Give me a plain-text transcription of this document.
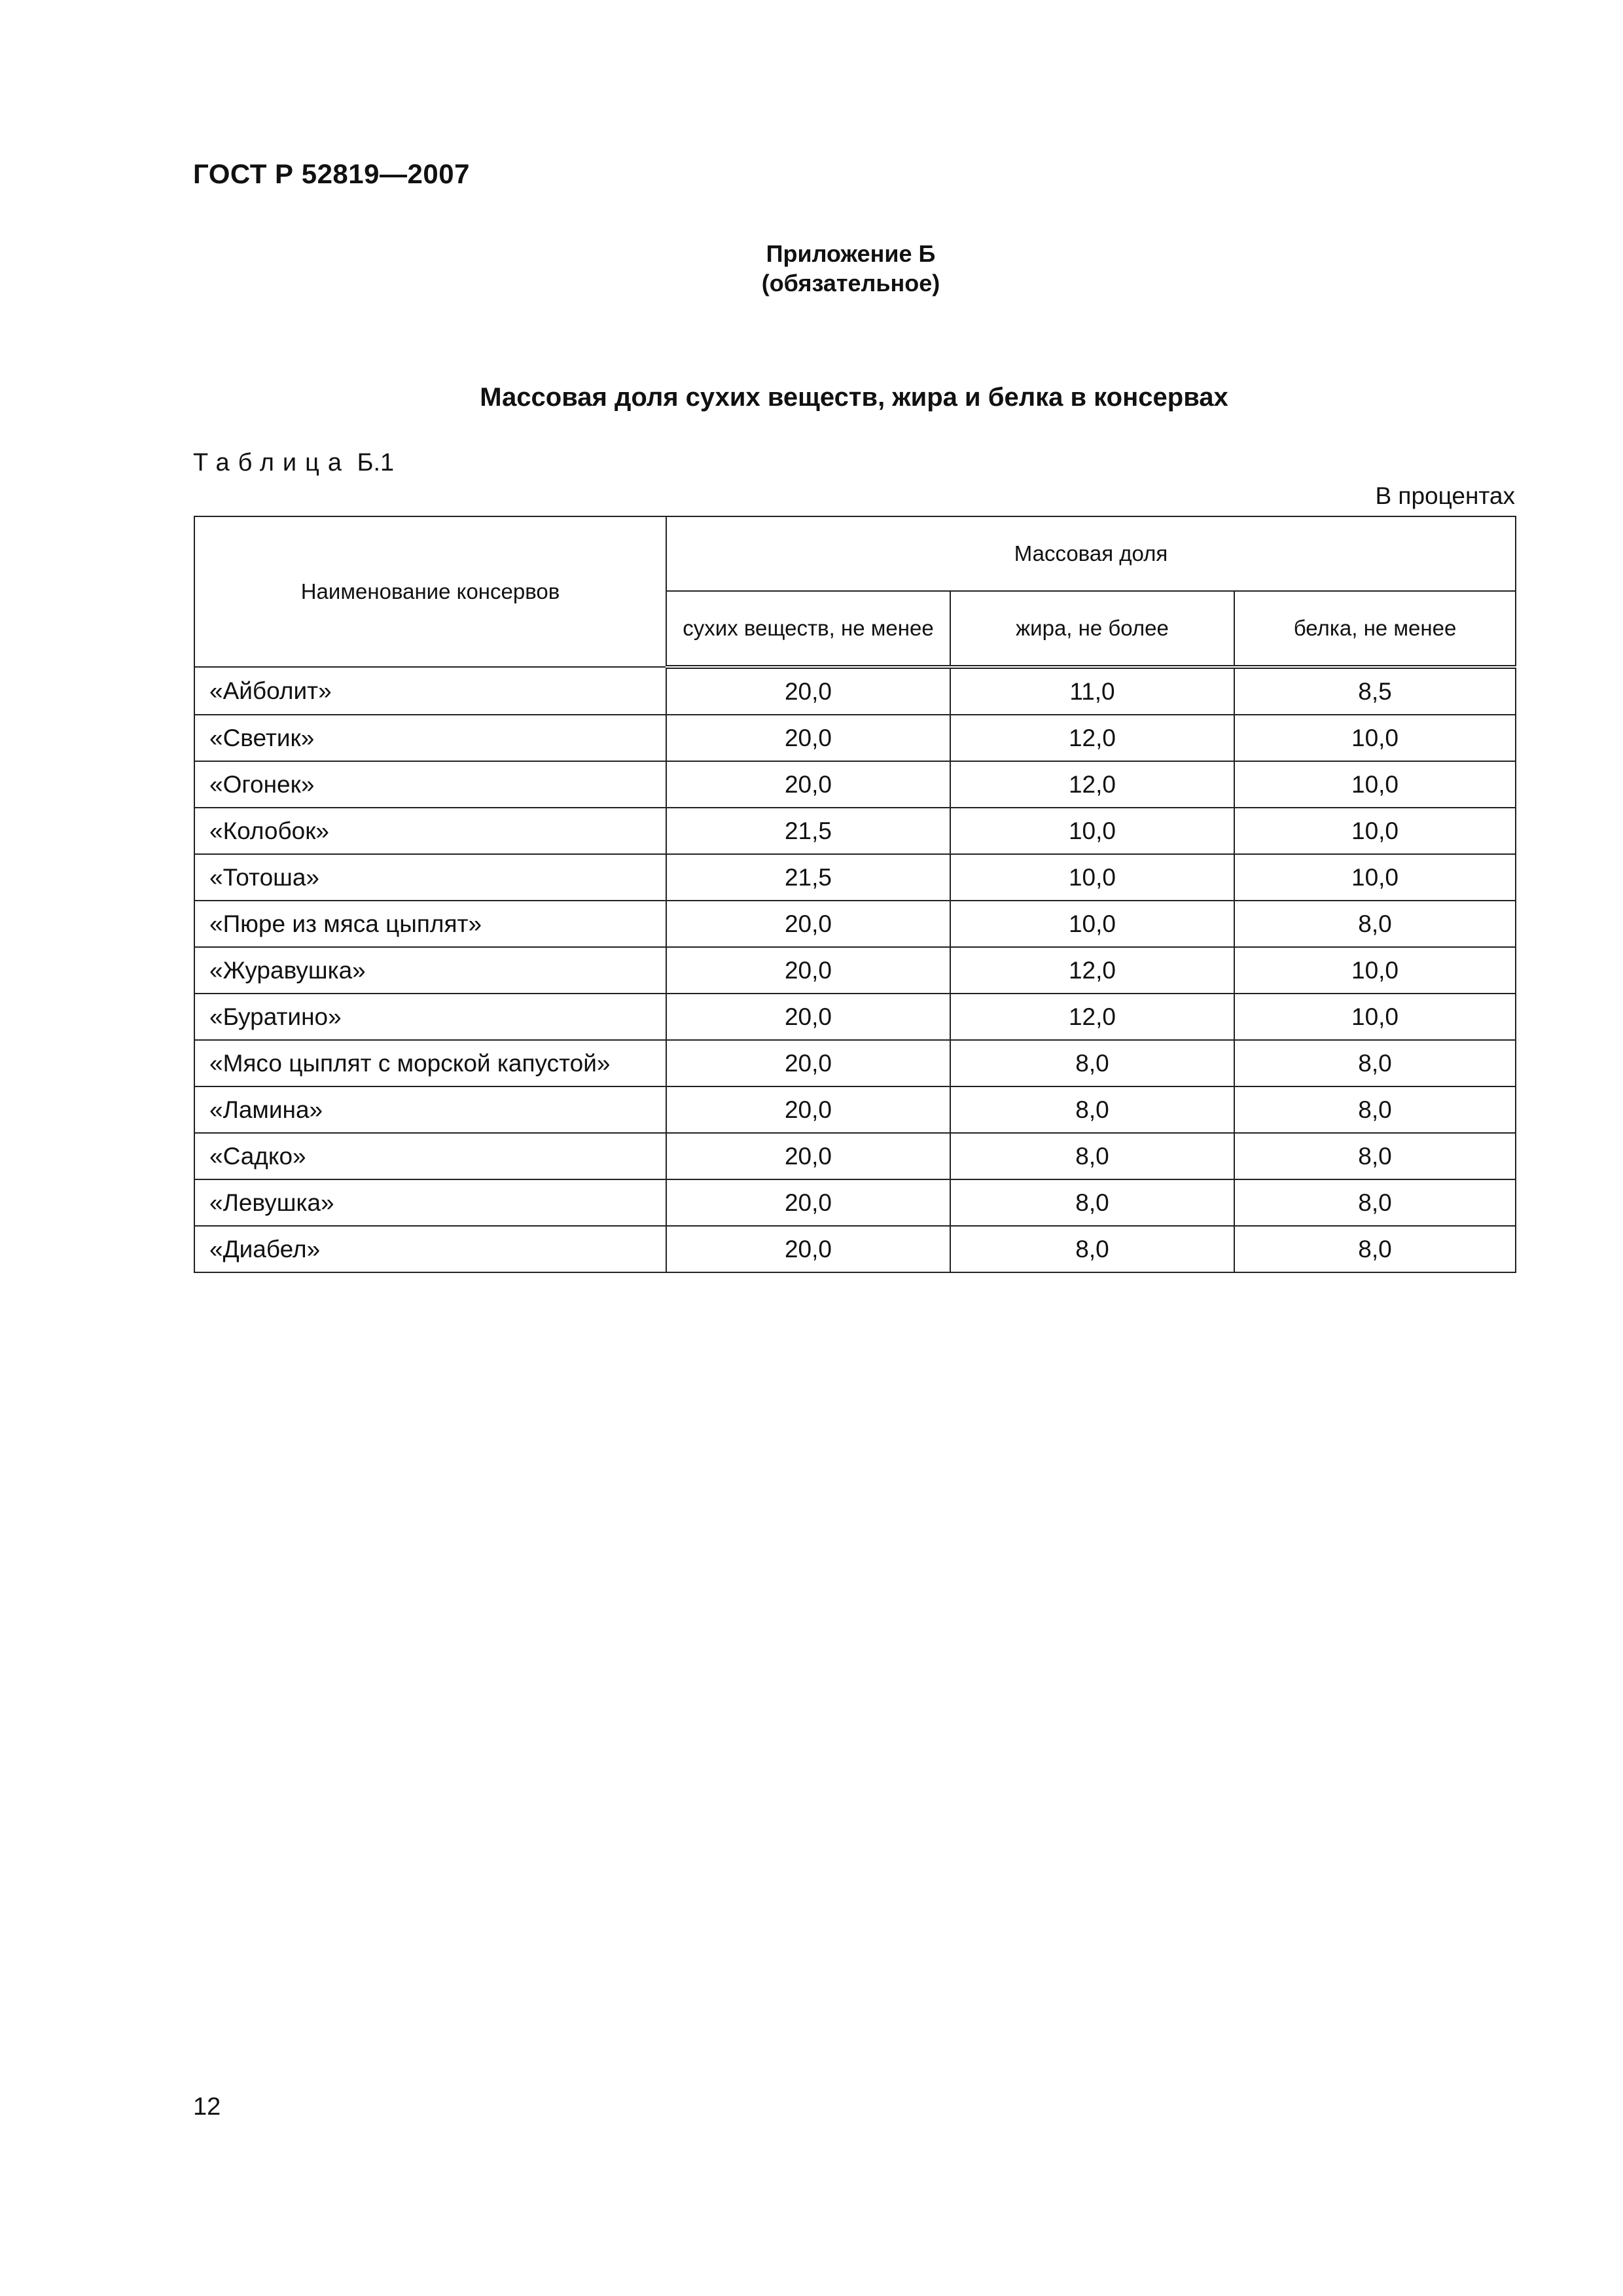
ГОСТ Р 52819—2007
Приложение Б
(обязательное)
Массовая доля сухих веществ, жира и белка в консервах
Таблица Б.1
В процентах
Наименование консервов	Массовая доля		
	сухих веществ, не менее	жира, не более	белка, не менее
«Айболит»	20,0	11,0	8,5
«Светик»	20,0	12,0	10,0
«Огонек»	20,0	12,0	10,0
«Колобок»	21,5	10,0	10,0
«Тотоша»	21,5	10,0	10,0
«Пюре из мяса цыплят»	20,0	10,0	8,0
«Журавушка»	20,0	12,0	10,0
«Буратино»	20,0	12,0	10,0
«Мясо цыплят с морской капустой»	20,0	8,0	8,0
«Ламина»	20,0	8,0	8,0
«Садко»	20,0	8,0	8,0
«Левушка»	20,0	8,0	8,0
«Диабел»	20,0	8,0	8,0
12
